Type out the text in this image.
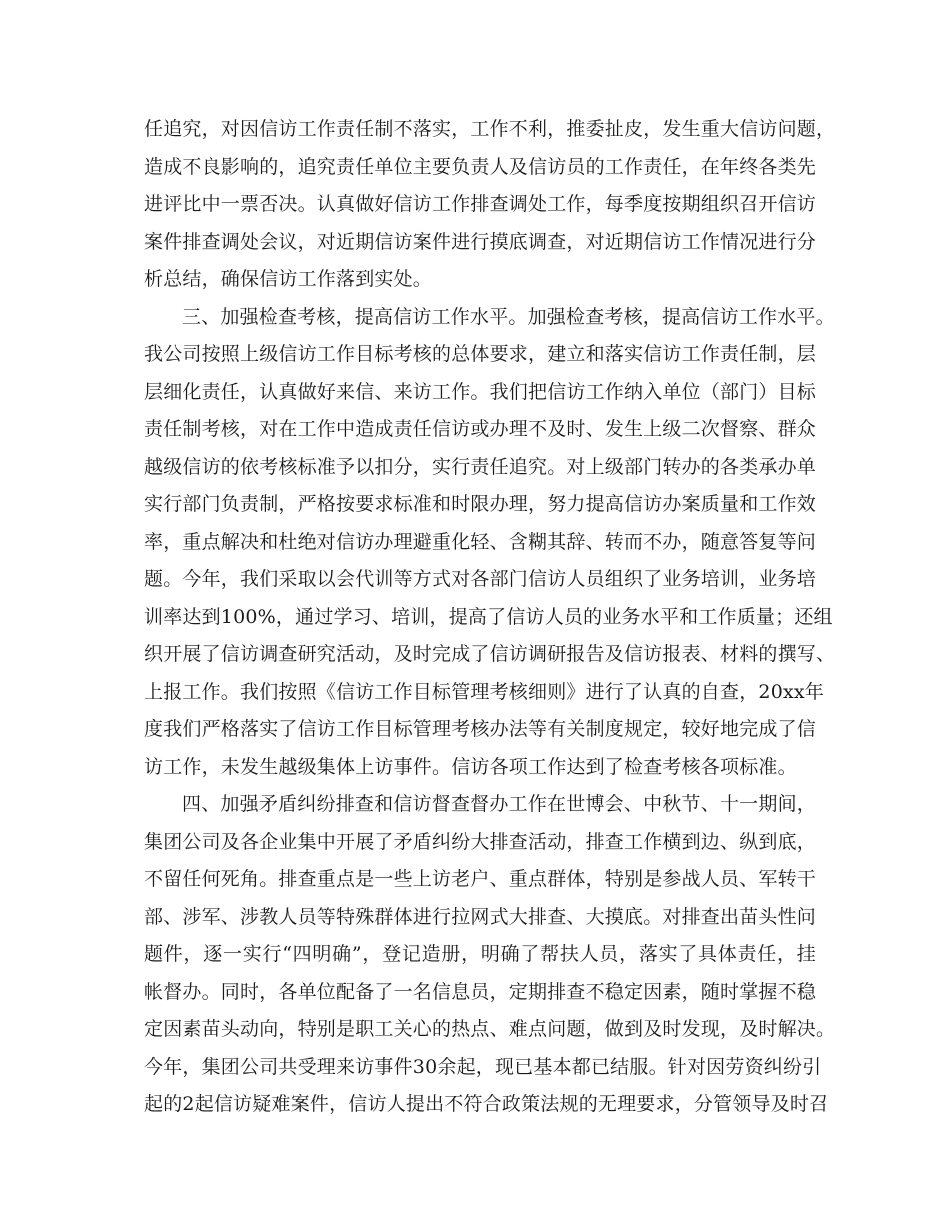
任追究，对因信访工作责任制不落实，工作不利，推委扯皮，发生重大信访问题，
造成不良影响的，追究责任单位主要负责人及信访员的工作责任，在年终各类先
进评比中一票否决。认真做好信访工作排查调处工作，每季度按期组织召开信访
案件排查调处会议，对近期信访案件进行摸底调查，对近期信访工作情况进行分
析总结，确保信访工作落到实处。
三、加强检查考核，提高信访工作水平。加强检查考核，提高信访工作水平。
我公司按照上级信访工作目标考核的总体要求，建立和落实信访工作责任制，层
层细化责任，认真做好来信、来访工作。我们把信访工作纳入单位（部门）目标
责任制考核，对在工作中造成责任信访或办理不及时、发生上级二次督察、群众
越级信访的依考核标准予以扣分，实行责任追究。对上级部门转办的各类承办单
实行部门负责制，严格按要求标准和时限办理，努力提高信访办案质量和工作效
率，重点解决和杜绝对信访办理避重化轻、含糊其辞、转而不办，随意答复等问
题。今年，我们采取以会代训等方式对各部门信访人员组织了业务培训，业务培
训率达到100%，通过学习、培训，提高了信访人员的业务水平和工作质量；还组
织开展了信访调查研究活动，及时完成了信访调研报告及信访报表、材料的撰写、
上报工作。我们按照《信访工作目标管理考核细则》进行了认真的自查，20xx年
度我们严格落实了信访工作目标管理考核办法等有关制度规定，较好地完成了信
访工作，未发生越级集体上访事件。信访各项工作达到了检查考核各项标准。
四、加强矛盾纠纷排查和信访督查督办工作在世博会、中秋节、十一期间，
集团公司及各企业集中开展了矛盾纠纷大排查活动，排查工作横到边、纵到底，
不留任何死角。排查重点是一些上访老户、重点群体，特别是参战人员、军转干
部、涉军、涉教人员等特殊群体进行拉网式大排查、大摸底。对排查出苗头性问
题件，逐一实行“四明确”，登记造册，明确了帮扶人员，落实了具体责任，挂
帐督办。同时，各单位配备了一名信息员，定期排查不稳定因素，随时掌握不稳
定因素苗头动向，特别是职工关心的热点、难点问题，做到及时发现，及时解决。
今年，集团公司共受理来访事件30余起，现已基本都已结服。针对因劳资纠纷引
起的2起信访疑难案件，信访人提出不符合政策法规的无理要求，分管领导及时召
